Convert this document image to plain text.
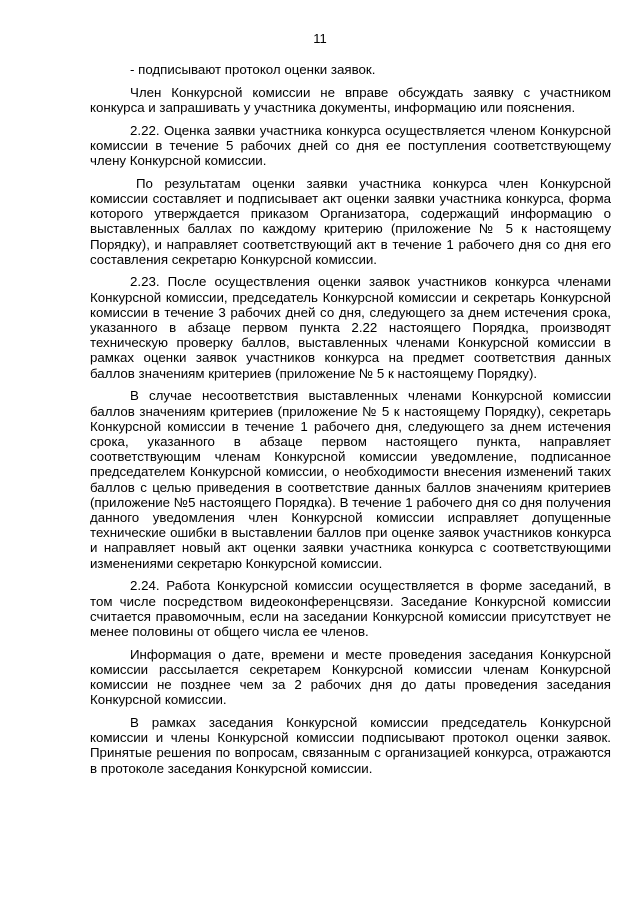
11

- подписывают протокол оценки заявок.

Член Конкурсной комиссии не вправе обсуждать заявку с участником конкурса и запрашивать у участника документы, информацию или пояснения.

2.22. Оценка заявки участника конкурса осуществляется членом Конкурсной комиссии в течение 5 рабочих дней со дня ее поступления соответствующему члену Конкурсной комиссии.

По результатам оценки заявки участника конкурса член Конкурсной комиссии составляет и подписывает акт оценки заявки участника конкурса, форма которого утверждается приказом Организатора, содержащий информацию о выставленных баллах по каждому критерию (приложение № 5 к настоящему Порядку), и направляет соответствующий акт в течение 1 рабочего дня со дня его составления секретарю Конкурсной комиссии.

2.23. После осуществления оценки заявок участников конкурса членами Конкурсной комиссии, председатель Конкурсной комиссии и секретарь Конкурсной комиссии в течение 3 рабочих дней со дня, следующего за днем истечения срока, указанного в абзаце первом пункта 2.22 настоящего Порядка, производят техническую проверку баллов, выставленных членами Конкурсной комиссии в рамках оценки заявок участников конкурса на предмет соответствия данных баллов значениям критериев (приложение № 5 к настоящему Порядку).

В случае несоответствия выставленных членами Конкурсной комиссии баллов значениям критериев (приложение № 5 к настоящему Порядку), секретарь Конкурсной комиссии в течение 1 рабочего дня, следующего за днем истечения срока, указанного в абзаце первом настоящего пункта, направляет соответствующим членам Конкурсной комиссии уведомление, подписанное председателем Конкурсной комиссии, о необходимости внесения изменений таких баллов с целью приведения в соответствие данных баллов значениям критериев (приложение №5 настоящего Порядка). В течение 1 рабочего дня со дня получения данного уведомления член Конкурсной комиссии исправляет допущенные технические ошибки в выставлении баллов при оценке заявок участников конкурса и направляет новый акт оценки заявки участника конкурса с соответствующими изменениями секретарю Конкурсной комиссии.

2.24. Работа Конкурсной комиссии осуществляется в форме заседаний, в том числе посредством видеоконференцсвязи. Заседание Конкурсной комиссии считается правомочным, если на заседании Конкурсной комиссии присутствует не менее половины от общего числа ее членов.

Информация о дате, времени и месте проведения заседания Конкурсной комиссии рассылается секретарем Конкурсной комиссии членам Конкурсной комиссии не позднее чем за 2 рабочих дня до даты проведения заседания Конкурсной комиссии.

В рамках заседания Конкурсной комиссии председатель Конкурсной комиссии и члены Конкурсной комиссии подписывают протокол оценки заявок. Принятые решения по вопросам, связанным с организацией конкурса, отражаются в протоколе заседания Конкурсной комиссии.
